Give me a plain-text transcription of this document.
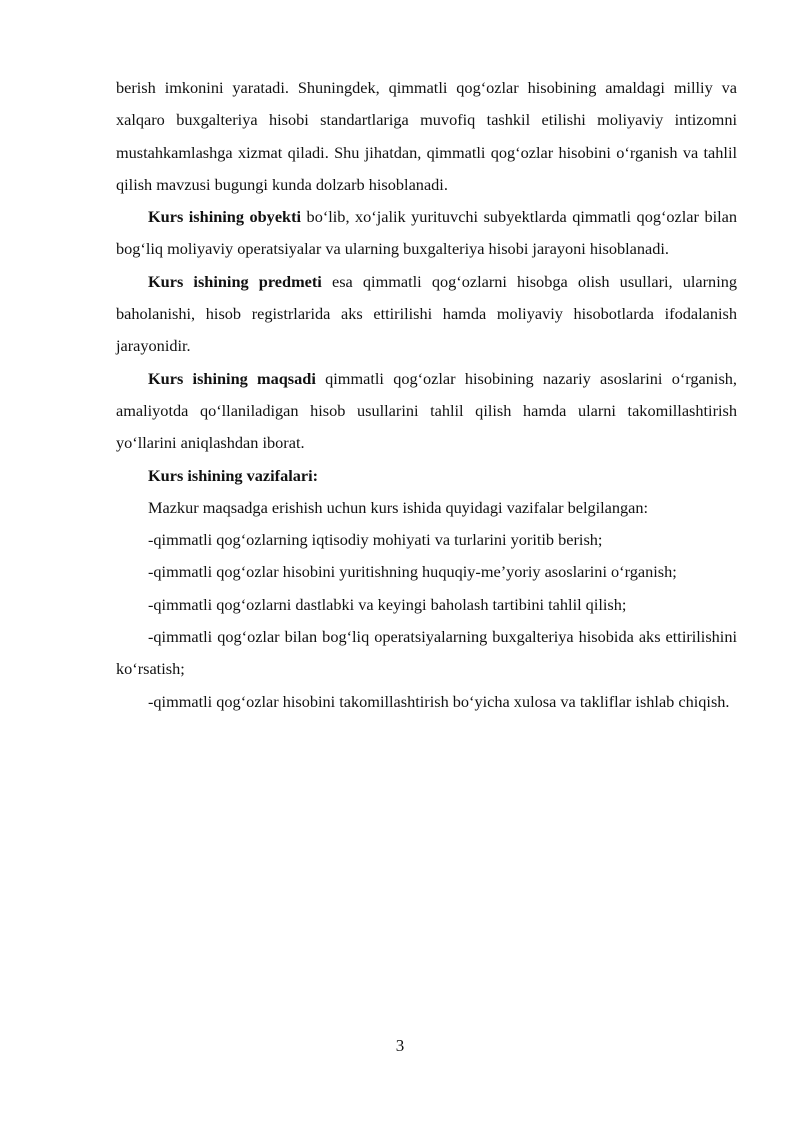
berish imkonini yaratadi. Shuningdek, qimmatli qog‘ozlar hisobining amaldagi milliy va xalqaro buxgalteriya hisobi standartlariga muvofiq tashkil etilishi moliyaviy intizomni mustahkamlashga xizmat qiladi. Shu jihatdan, qimmatli qog‘ozlar hisobini o‘rganish va tahlil qilish mavzusi bugungi kunda dolzarb hisoblanadi.

Kurs ishining obyekti bo‘lib, xo‘jalik yurituvchi subyektlarda qimmatli qog‘ozlar bilan bog‘liq moliyaviy operatsiyalar va ularning buxgalteriya hisobi jarayoni hisoblanadi.

Kurs ishining predmeti esa qimmatli qog‘ozlarni hisobga olish usullari, ularning baholanishi, hisob registrlarida aks ettirilishi hamda moliyaviy hisobotlarda ifodalanish jarayonidir.

Kurs ishining maqsadi qimmatli qog‘ozlar hisobining nazariy asoslarini o‘rganish, amaliyotda qo‘llaniladigan hisob usullarini tahlil qilish hamda ularni takomillashtirish yo‘llarini aniqlashdan iborat.

Kurs ishining vazifalari:

Mazkur maqsadga erishish uchun kurs ishida quyidagi vazifalar belgilangan:

-qimmatli qog‘ozlarning iqtisodiy mohiyati va turlarini yoritib berish;

-qimmatli qog‘ozlar hisobini yuritishning huquqiy-me’yoriy asoslarini o‘rganish;

-qimmatli qog‘ozlarni dastlabki va keyingi baholash tartibini tahlil qilish;

-qimmatli qog‘ozlar bilan bog‘liq operatsiyalarning buxgalteriya hisobida aks ettirilishini ko‘rsatish;

-qimmatli qog‘ozlar hisobini takomillashtirish bo‘yicha xulosa va takliflar ishlab chiqish.

3
